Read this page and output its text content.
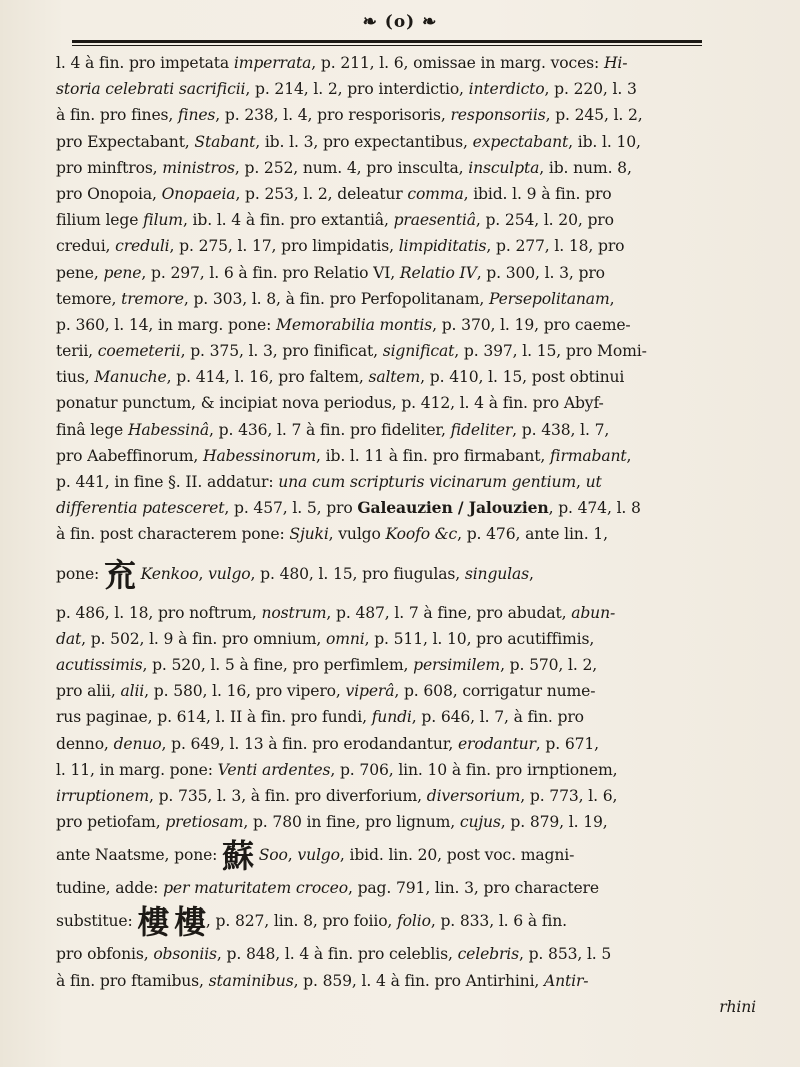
❧ (o) ❧
l. 4 à fin. pro impetata imperrata, p. 211, l. 6, omissae in marg. voces: Hi-
storia celebrati sacrificii, p. 214, l. 2, pro interdictio, interdicto, p. 220, l. 3
à fin. pro fines, fines, p. 238, l. 4, pro resporisoris, responsoriis, p. 245, l. 2,
pro Expectabant, Stabant, ib. l. 3, pro expectantibus, expectabant, ib. l. 10,
pro minftros, ministros, p. 252, num. 4, pro insculta, insculpta, ib. num. 8,
pro Onopoia, Onopaeia, p. 253, l. 2, deleatur comma, ibid. l. 9 à fin. pro
filium lege filum, ib. l. 4 à fin. pro extantiâ, praesentiâ, p. 254, l. 20, pro
credui, creduli, p. 275, l. 17, pro limpidatis, limpiditatis, p. 277, l. 18, pro
pene, pene, p. 297, l. 6 à fin. pro Relatio VI, Relatio IV, p. 300, l. 3, pro
temore, tremore, p. 303, l. 8, à fin. pro Perfopolitanam, Persepolitanam,
p. 360, l. 14, in marg. pone: Memorabilia montis, p. 370, l. 19, pro caeme-
terii, coemeterii, p. 375, l. 3, pro finificat, significat, p. 397, l. 15, pro Momi-
tius, Manuche, p. 414, l. 16, pro faltem, saltem, p. 410, l. 15, post obtinui
ponatur punctum, & incipiat nova periodus, p. 412, l. 4 à fin. pro Abyf-
finâ lege Habessinâ, p. 436, l. 7 à fin. pro fideliter, fideliter, p. 438, l. 7,
pro Aabeffinorum, Habessinorum, ib. l. 11 à fin. pro firmabant, firmabant,
p. 441, in fine §. II. addatur: una cum scripturis vicinarum gentium, ut
differentia patesceret, p. 457, l. 5, pro Galeauzien / Jalouzien, p. 474, l. 8
à fin. post characterem pone: Sjuki, vulgo Koofo &c, p. 476, ante lin. 1,
pone: 㐬 Kenkoo, vulgo, p. 480, l. 15, pro fiugulas, singulas,
p. 486, l. 18, pro noftrum, nostrum, p. 487, l. 7 à fine, pro abudat, abun-
dat, p. 502, l. 9 à fin. pro omnium, omni, p. 511, l. 10, pro acutiffimis,
acutissimis, p. 520, l. 5 à fine, pro perfimlem, persimilem, p. 570, l. 2,
pro alii, alii, p. 580, l. 16, pro vipero, viperâ, p. 608, corrigatur nume-
rus paginae, p. 614, l. II à fin. pro fundi, fundi, p. 646, l. 7, à fin. pro
denno, denuo, p. 649, l. 13 à fin. pro erodandantur, erodantur, p. 671,
l. 11, in marg. pone: Venti ardentes, p. 706, lin. 10 à fin. pro irnptionem,
irruptionem, p. 735, l. 3, à fin. pro diverforium, diversorium, p. 773, l. 6,
pro petiofam, pretiosam, p. 780 in fine, pro lignum, cujus, p. 879, l. 19,
ante Naatsme, pone: 蘇 Soo, vulgo, ibid. lin. 20, post voc. magni-
tudine, adde: per maturitatem croceo, pag. 791, lin. 3, pro charactere
substitue: 樓 樓, p. 827, lin. 8, pro foiio, folio, p. 833, l. 6 à fin.
pro obfonis, obsoniis, p. 848, l. 4 à fin. pro celeblis, celebris, p. 853, l. 5
à fin. pro ftamibus, staminibus, p. 859, l. 4 à fin. pro Antirhini, Antir-
rhini
